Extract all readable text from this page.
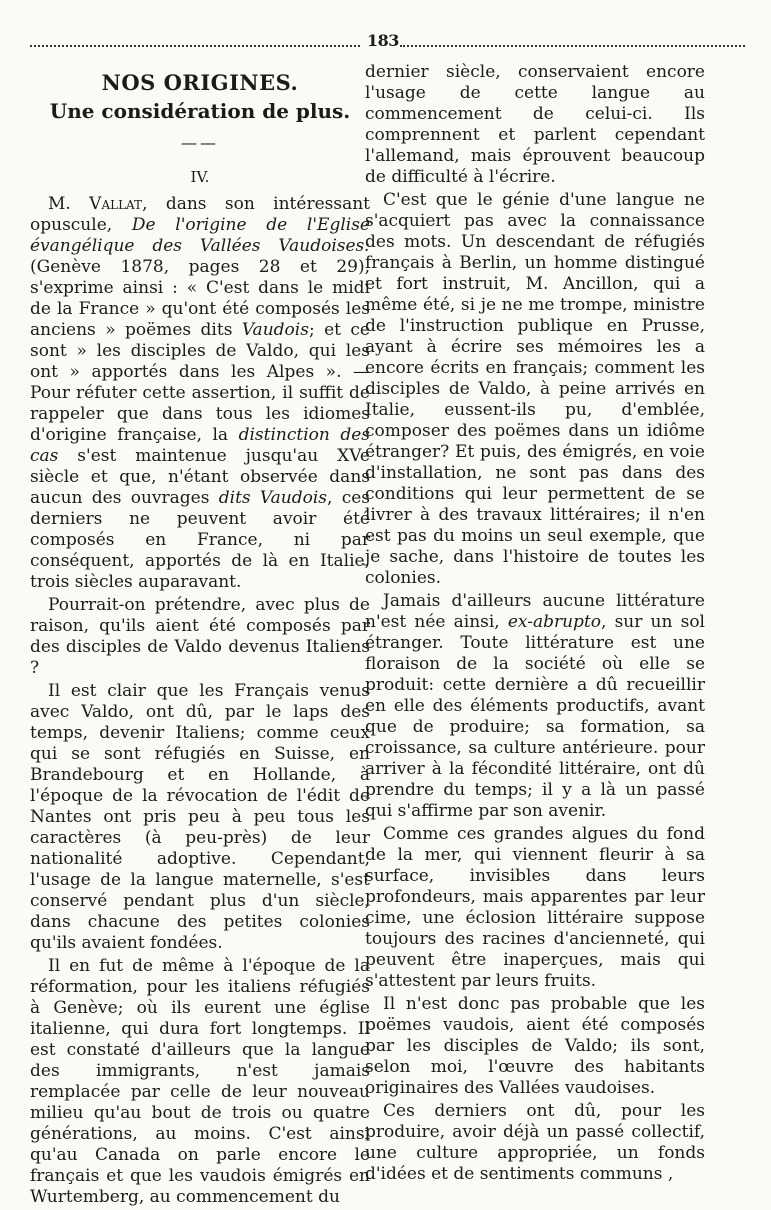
183
NOS ORIGINES.
Une considération de plus.
——
IV.

M. Vallat, dans son intéressant opuscule, De l'origine de l'Eglise évangélique des Vallées Vaudoises: (Genève 1878, pages 28 et 29), s'exprime ainsi : « C'est dans le midi de la France » qu'ont été composés les anciens » poëmes dits Vaudois; et ce sont » les disciples de Valdo, qui les ont » apportés dans les Alpes ». — Pour réfuter cette assertion, il suffit de rappeler que dans tous les idiomes d'origine française, la distinction des cas s'est maintenue jusqu'au XVe siècle et que, n'étant observée dans aucun des ouvrages dits Vaudois, ces derniers ne peuvent avoir été composés en France, ni par conséquent, apportés de là en Italie, trois siècles auparavant.

Pourrait-on prétendre, avec plus de raison, qu'ils aient été composés par des disciples de Valdo devenus Italiens ?

Il est clair que les Français venus avec Valdo, ont dû, par le laps des temps, devenir Italiens; comme ceux qui se sont réfugiés en Suisse, en Brandebourg et en Hollande, à l'époque de la révocation de l'édit de Nantes ont pris peu à peu tous les caractères (à peu-près) de leur nationalité adoptive. Cependant, l'usage de la langue maternelle, s'est conservé pendant plus d'un siècle, dans chacune des petites colonies qu'ils avaient fondées.

Il en fut de même à l'époque de la réformation, pour les italiens réfugiés à Genève; où ils eurent une église italienne, qui dura fort longtemps. Il est constaté d'ailleurs que la langue des immigrants, n'est jamais remplacée par celle de leur nouveau milieu qu'au bout de trois ou quatre générations, au moins. C'est ainsi qu'au Canada on parle encore le français et que les vaudois émigrés en Wurtemberg, au commencement du

dernier siècle, conservaient encore l'usage de cette langue au commencement de celui-ci. Ils comprennent et parlent cependant l'allemand, mais éprouvent beaucoup de difficulté à l'écrire.

C'est que le génie d'une langue ne s'acquiert pas avec la connaissance des mots. Un descendant de réfugiés français à Berlin, un homme distingué et fort instruit, M. Ancillon, qui a même été, si je ne me trompe, ministre de l'instruction publique en Prusse, ayant à écrire ses mémoires les a encore écrits en français; comment les disciples de Valdo, à peine arrivés en Italie, eussent-ils pu, d'emblée, composer des poëmes dans un idiôme étranger? Et puis, des émigrés, en voie d'installation, ne sont pas dans des conditions qui leur permettent de se livrer à des travaux littéraires; il n'en est pas du moins un seul exemple, que je sache, dans l'histoire de toutes les colonies.

Jamais d'ailleurs aucune littérature n'est née ainsi, ex-abrupto, sur un sol étranger. Toute littérature est une floraison de la société où elle se produit: cette dernière a dû recueillir en elle des éléments productifs, avant que de produire; sa formation, sa croissance, sa culture antérieure. pour arriver à la fécondité littéraire, ont dû prendre du temps; il y a là un passé qui s'affirme par son avenir.

Comme ces grandes algues du fond de la mer, qui viennent fleurir à sa surface, invisibles dans leurs profondeurs, mais apparentes par leur cime, une éclosion littéraire suppose toujours des racines d'ancienneté, qui peuvent être inaperçues, mais qui s'attestent par leurs fruits.

Il n'est donc pas probable que les poëmes vaudois, aient été composés par les disciples de Valdo; ils sont, selon moi, l'œuvre des habitants originaires des Vallées vaudoises.

Ces derniers ont dû, pour les produire, avoir déjà un passé collectif, une culture appropriée, un fonds d'idées et de sentiments communs ,
